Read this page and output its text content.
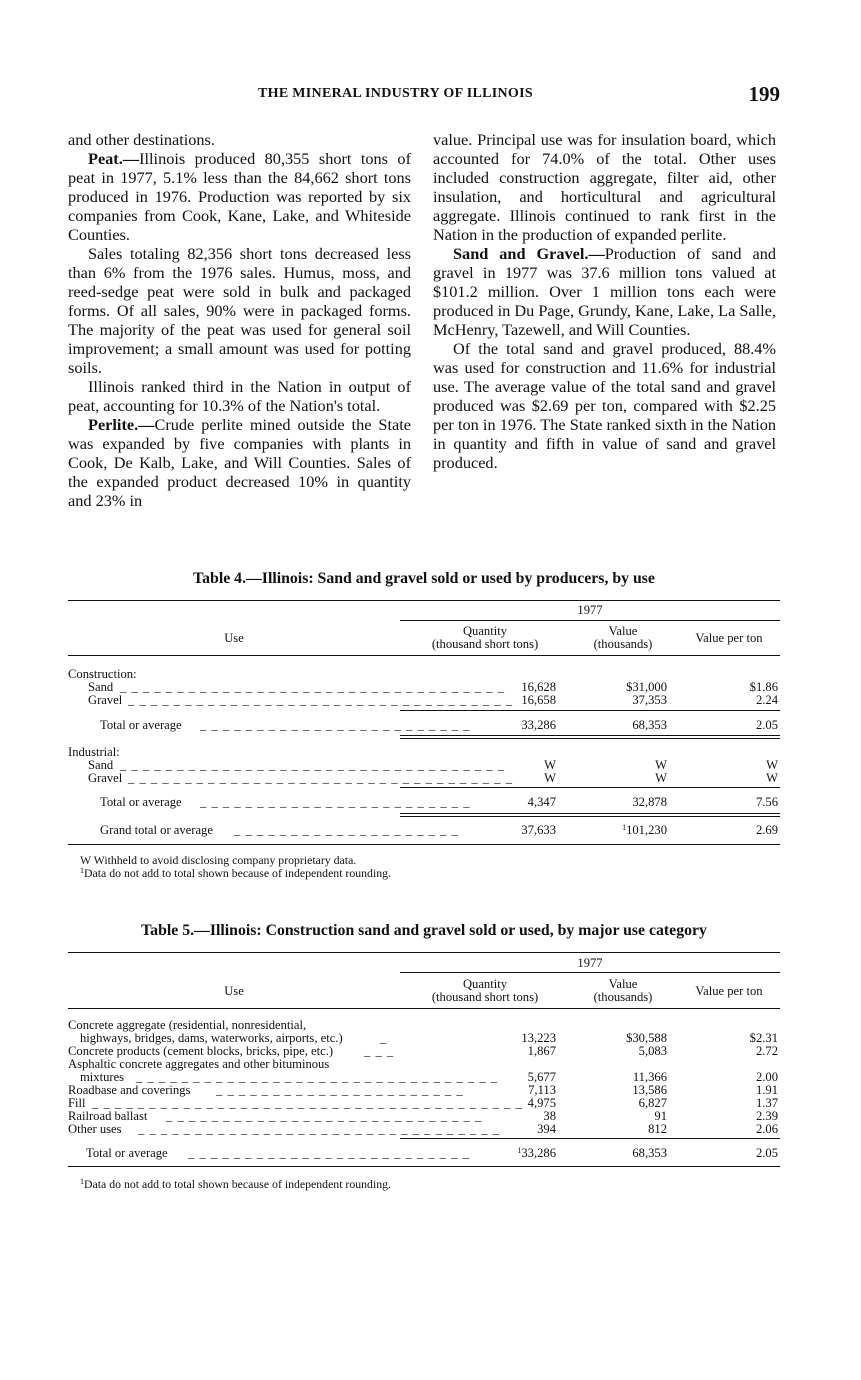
THE MINERAL INDUSTRY OF ILLINOIS	199

and other destinations.

Peat.—Illinois produced 80,355 short tons of peat in 1977, 5.1% less than the 84,662 short tons produced in 1976. Production was reported by six companies from Cook, Kane, Lake, and Whiteside Counties.

Sales totaling 82,356 short tons decreased less than 6% from the 1976 sales. Humus, moss, and reed-sedge peat were sold in bulk and packaged forms. Of all sales, 90% were in packaged forms. The majority of the peat was used for general soil improvement; a small amount was used for potting soils.

Illinois ranked third in the Nation in output of peat, accounting for 10.3% of the Nation's total.

Perlite.—Crude perlite mined outside the State was expanded by five companies with plants in Cook, De Kalb, Lake, and Will Counties. Sales of the expanded product decreased 10% in quantity and 23% in

value. Principal use was for insulation board, which accounted for 74.0% of the total. Other uses included construction aggregate, filter aid, other insulation, and horticultural and agricultural aggregate. Illinois continued to rank first in the Nation in the production of expanded perlite.

Sand and Gravel.—Production of sand and gravel in 1977 was 37.6 million tons valued at $101.2 million. Over 1 million tons each were produced in Du Page, Grundy, Kane, Lake, La Salle, McHenry, Tazewell, and Will Counties.

Of the total sand and gravel produced, 88.4% was used for construction and 11.6% for industrial use. The average value of the total sand and gravel produced was $2.69 per ton, compared with $2.25 per ton in 1976. The State ranked sixth in the Nation in quantity and fifth in value of sand and gravel produced.

Table 4.—Illinois: Sand and gravel sold or used by producers, by use
1977
Use	Quantity
(thousand short tons)
Value
(thousands)	Value per ton
Construction:
Sand _ _ _ _ _ _ _ _ _ _ _ _ _ _ _ _ _ _ _ _ _ _ _ _ _ _ _ _ _ _ _ _ _ _ 16,628	$31,000	$1.86
Gravel _ _ _ _ _ _ _ _ _ _ _ _ _ _ _ _ _ _ _ _ _ _ _ _ _ _ _ _ _ _ _ _ _ _ 16,658	37,353	2.24
Total or average _ _ _ _ _ _ _ _ _ _ _ _ _ _ _ _ _ _ _ _ _ _ _ _	33,286	68,353	2.05
Industrial:
Sand _ _ _ _ _ _ _ _ _ _ _ _ _ _ _ _ _ _ _ _ _ _ _ _ _ _ _ _ _ _ _ _ _ _	W	W	W
Gravel _ _ _ _ _ _ _ _ _ _ _ _ _ _ _ _ _ _ _ _ _ _ _ _ _ _ _ _ _ _ _ _ _ _ W	W	W
Total or average _ _ _ _ _ _ _ _ _ _ _ _ _ _ _ _ _ _ _ _ _ _ _ _	4,347	32,878	7.56
Grand total or average _ _ _ _ _ _ _ _ _ _ _ _ _ _ _ _ _ _ _ _	37,633	$^1$101,230	2.69
W Withheld to avoid disclosing company proprietary data.
$^1$Data do not add to total shown because of independent rounding.
Table 5.—Illinois: Construction sand and gravel sold or used, by major use category
1977
Use	Quantity
(thousand short tons)
Value
(thousands)	Value per ton
Concrete aggregate (residential, nonresidential,
highways, bridges, dams, waterworks, airports, etc.)	_	13,223	$30,588	$2.31
Concrete products (cement blocks, bricks, pipe, etc.) _ _ _	1,867	5,083	2.72
Asphaltic concrete aggregates and other bituminous
mixtures _ _ _ _ _ _ _ _ _ _ _ _ _ _ _ _ _ _ _ _ _ _ _ _ _ _ _ _ _ _ _ _ 5,677	11,366	2.00
Roadbase and coverings _ _ _ _ _ _ _ _ _ _ _ _ _ _ _ _ _ _ _ _ _ _	7,113	13,586	1.91
Fill _ _ _ _ _ _ _ _ _ _ _ _ _ _ _ _ _ _ _ _ _ _ _ _ _ _ _ _ _ _ _ _ _ _ _ _ _ _ 4,975	6,827	1.37
Railroad ballast _ _ _ _ _ _ _ _ _ _ _ _ _ _ _ _ _ _ _ _ _ _ _ _ _ _ _ _	38	91	2.39
Other uses _ _ _ _ _ _ _ _ _ _ _ _ _ _ _ _ _ _ _ _ _ _ _ _ _ _ _ _ _ _ _ _	394	812	2.06
Total or average _ _ _ _ _ _ _ _ _ _ _ _ _ _ _ _ _ _ _ _ _ _ _ _ _	$^1$33,286	68,353	2.05
$^1$Data do not add to total shown because of independent rounding.
